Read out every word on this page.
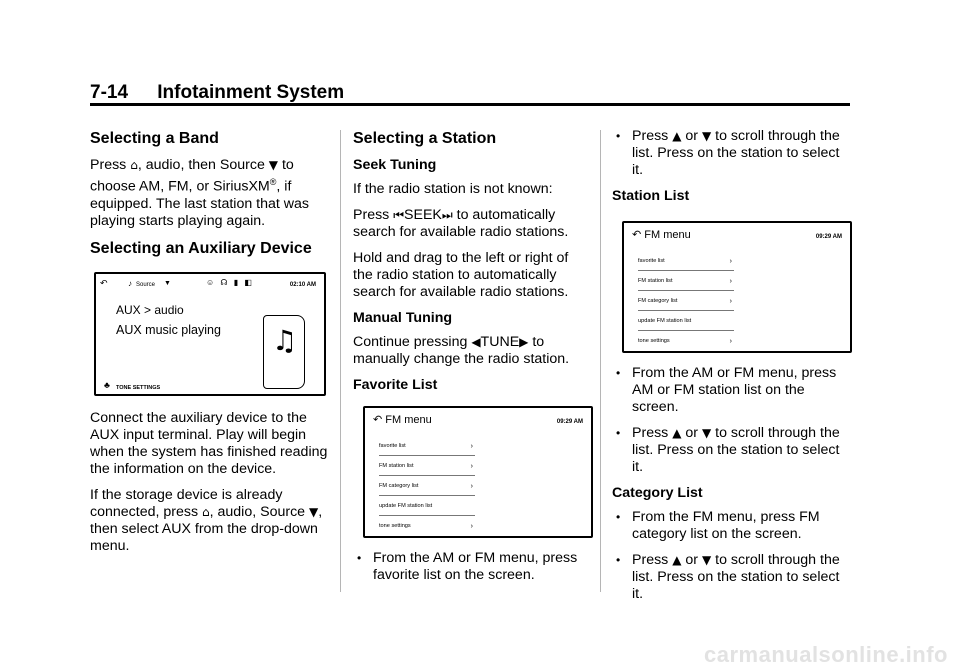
7-14 Infotainment System
Selecting a Band

Press ⌂, audio, then Source ▼ to choose AM, FM, or SiriusXM®, if equipped. The last station that was playing starts playing again.

Selecting an Auxiliary Device
↶	♪ Source ▼	☺ ☊ ▮ ◧	02:10 AM
AUX > audio
AUX music playing ♫
♣ TONE SETTINGS

Connect the auxiliary device to the AUX input terminal. Play will begin when the system has finished reading the information on the device.

If the storage device is already connected, press ⌂, audio, Source ▼, then select AUX from the drop-down menu.

Selecting a Station
Seek Tuning

If the radio station is not known:

Press ⏮SEEK⏭ to automatically search for available radio stations.

Hold and drag to the left or right of the radio station to automatically search for available radio stations.

Manual Tuning

Continue pressing ◀TUNE▶ to manually change the radio station.

Favorite List
↶ FM menu	09:29 AM
favorite list	›
FM station list	›
FM category list	›
update FM station list
tone settings	›
• From the AM or FM menu, press favorite list on the screen.
• Press ▲ or ▼ to scroll through the list. Press on the station to select it.
Station List
↶ FM menu	09:29 AM
favorite list	›
FM station list	›
FM category list	›
update FM station list
tone settings	›
• From the AM or FM menu, press AM or FM station list on the screen.
• Press ▲ or ▼ to scroll through the list. Press on the station to select it.
Category List
• From the FM menu, press FM category list on the screen.
• Press ▲ or ▼ to scroll through the list. Press on the station to select it.
carmanualsonline.info
